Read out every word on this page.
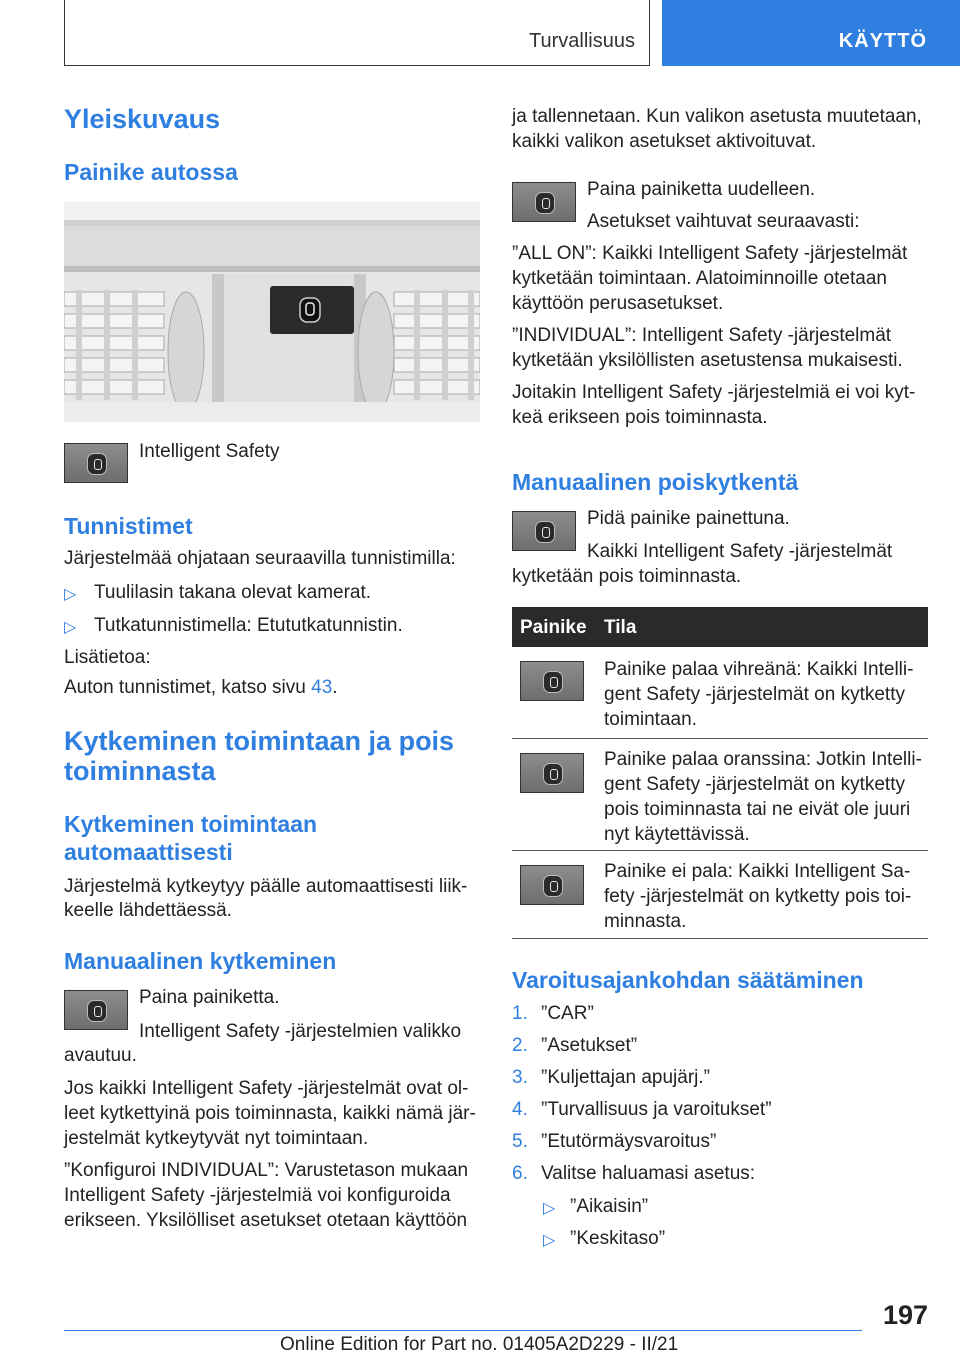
Turvallisuus	KÄYTTÖ
Yleiskuvaus
Painike autossa
Intelligent Safety
Tunnistimet
Järjestelmää ohjataan seuraavilla tunnistimilla:
▷ Tuulilasin takana olevat kamerat.
▷ Tutkatunnistimella: Etututkatunnistin.
Lisätietoa:
Auton tunnistimet, katso sivu 43.
Kytkeminen toimintaan ja pois
toiminnasta
Kytkeminen toimintaan
automaattisesti
Järjestelmä kytkeytyy päälle automaattisesti liik-
keelle lähdettäessä.
Manuaalinen kytkeminen
Paina painiketta.
Intelligent Safety -järjestelmien valikko
avautuu.
Jos kaikki Intelligent Safety -järjestelmät ovat ol-
leet kytkettyinä pois toiminnasta, kaikki nämä jär-
jestelmät kytkeytyvät nyt toimintaan.
”Konfiguroi INDIVIDUAL”: Varustetason mukaan
Intelligent Safety -järjestelmiä voi konfiguroida
erikseen. Yksilölliset asetukset otetaan käyttöön
ja tallennetaan. Kun valikon asetusta muutetaan,
kaikki valikon asetukset aktivoituvat.
Paina painiketta uudelleen.
Asetukset vaihtuvat seuraavasti:
”ALL ON”: Kaikki Intelligent Safety -järjestelmät
kytketään toimintaan. Alatoiminnoille otetaan
käyttöön perusasetukset.
”INDIVIDUAL”: Intelligent Safety -järjestelmät
kytketään yksilöllisten asetustensa mukaisesti.
Joitakin Intelligent Safety -järjestelmiä ei voi kyt-
keä erikseen pois toiminnasta.
Manuaalinen poiskytkentä
Pidä painike painettuna.
Kaikki Intelligent Safety -järjestelmät
kytketään pois toiminnasta.
Painike Tila
Painike palaa vihreänä: Kaikki Intelli-
gent Safety -järjestelmät on kytketty
toimintaan.
Painike palaa oranssina: Jotkin Intelli-
gent Safety -järjestelmät on kytketty
pois toiminnasta tai ne eivät ole juuri
nyt käytettävissä.
Painike ei pala: Kaikki Intelligent Sa-
fety -järjestelmät on kytketty pois toi-
minnasta.
Varoitusajankohdan säätäminen
1. ”CAR”
2. ”Asetukset”
3. ”Kuljettajan apujärj.”
4. ”Turvallisuus ja varoitukset”
5. ”Etutörmäysvaroitus”
6. Valitse haluamasi asetus:
▷ ”Aikaisin”
▷ ”Keskitaso”
197
Online Edition for Part no. 01405A2D229 - II/21
